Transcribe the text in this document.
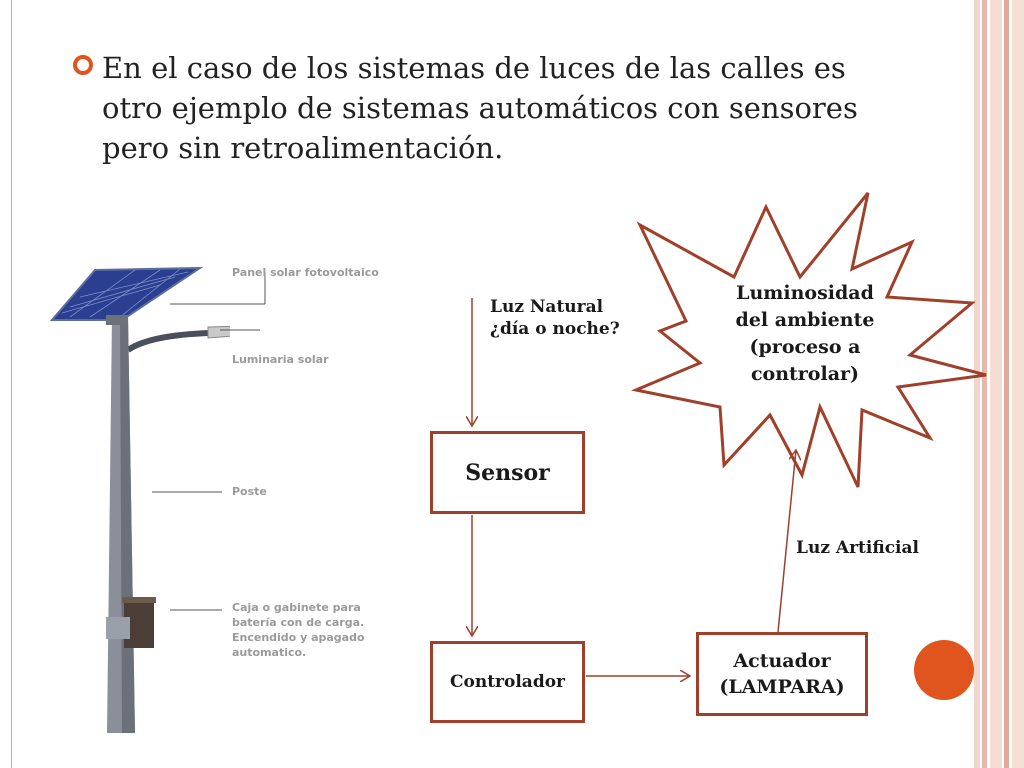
En el caso de los sistemas de luces de las calles es otro ejemplo de sistemas automáticos con sensores pero sin retroalimentación.
Panel solar fotovoltaico
Luminaria solar
Poste
Caja o gabinete para
batería con de carga.
Encendido y apagado
automatico.
Luminosidad
del ambiente
(proceso a
controlar)
Luz Natural
¿día o noche?
Luz Artificial
Sensor
Controlador
Actuador
(LAMPARA)
